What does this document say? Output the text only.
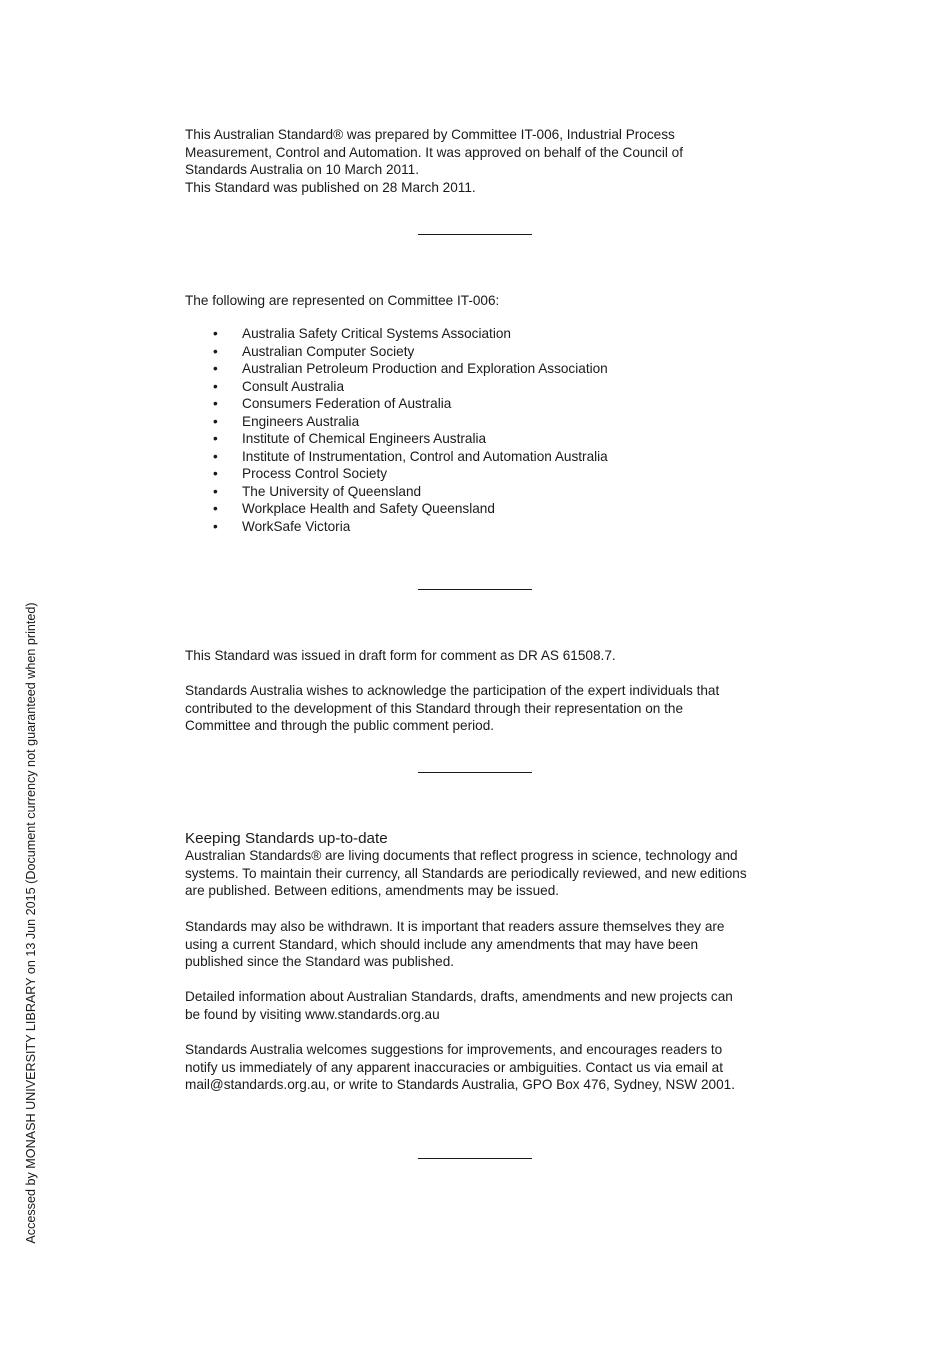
This Australian Standard® was prepared by Committee IT-006, Industrial Process
Measurement, Control and Automation. It was approved on behalf of the Council of
Standards Australia on 10 March 2011.
This Standard was published on 28 March 2011.

The following are represented on Committee IT-006:

• Australia Safety Critical Systems Association
• Australian Computer Society
• Australian Petroleum Production and Exploration Association
• Consult Australia
• Consumers Federation of Australia
• Engineers Australia
• Institute of Chemical Engineers Australia
• Institute of Instrumentation, Control and Automation Australia
• Process Control Society
• The University of Queensland
• Workplace Health and Safety Queensland
• WorkSafe Victoria

This Standard was issued in draft form for comment as DR AS 61508.7.

Standards Australia wishes to acknowledge the participation of the expert individuals that
contributed to the development of this Standard through their representation on the
Committee and through the public comment period.

Keeping Standards up-to-date

Australian Standards® are living documents that reflect progress in science, technology and
systems. To maintain their currency, all Standards are periodically reviewed, and new editions
are published. Between editions, amendments may be issued.

Standards may also be withdrawn. It is important that readers assure themselves they are
using a current Standard, which should include any amendments that may have been
published since the Standard was published.

Detailed information about Australian Standards, drafts, amendments and new projects can
be found by visiting www.standards.org.au

Standards Australia welcomes suggestions for improvements, and encourages readers to
notify us immediately of any apparent inaccuracies or ambiguities. Contact us via email at
mail@standards.org.au, or write to Standards Australia, GPO Box 476, Sydney, NSW 2001.

Accessed by MONASH UNIVERSITY LIBRARY on 13 Jun 2015 (Document currency not guaranteed when printed)
